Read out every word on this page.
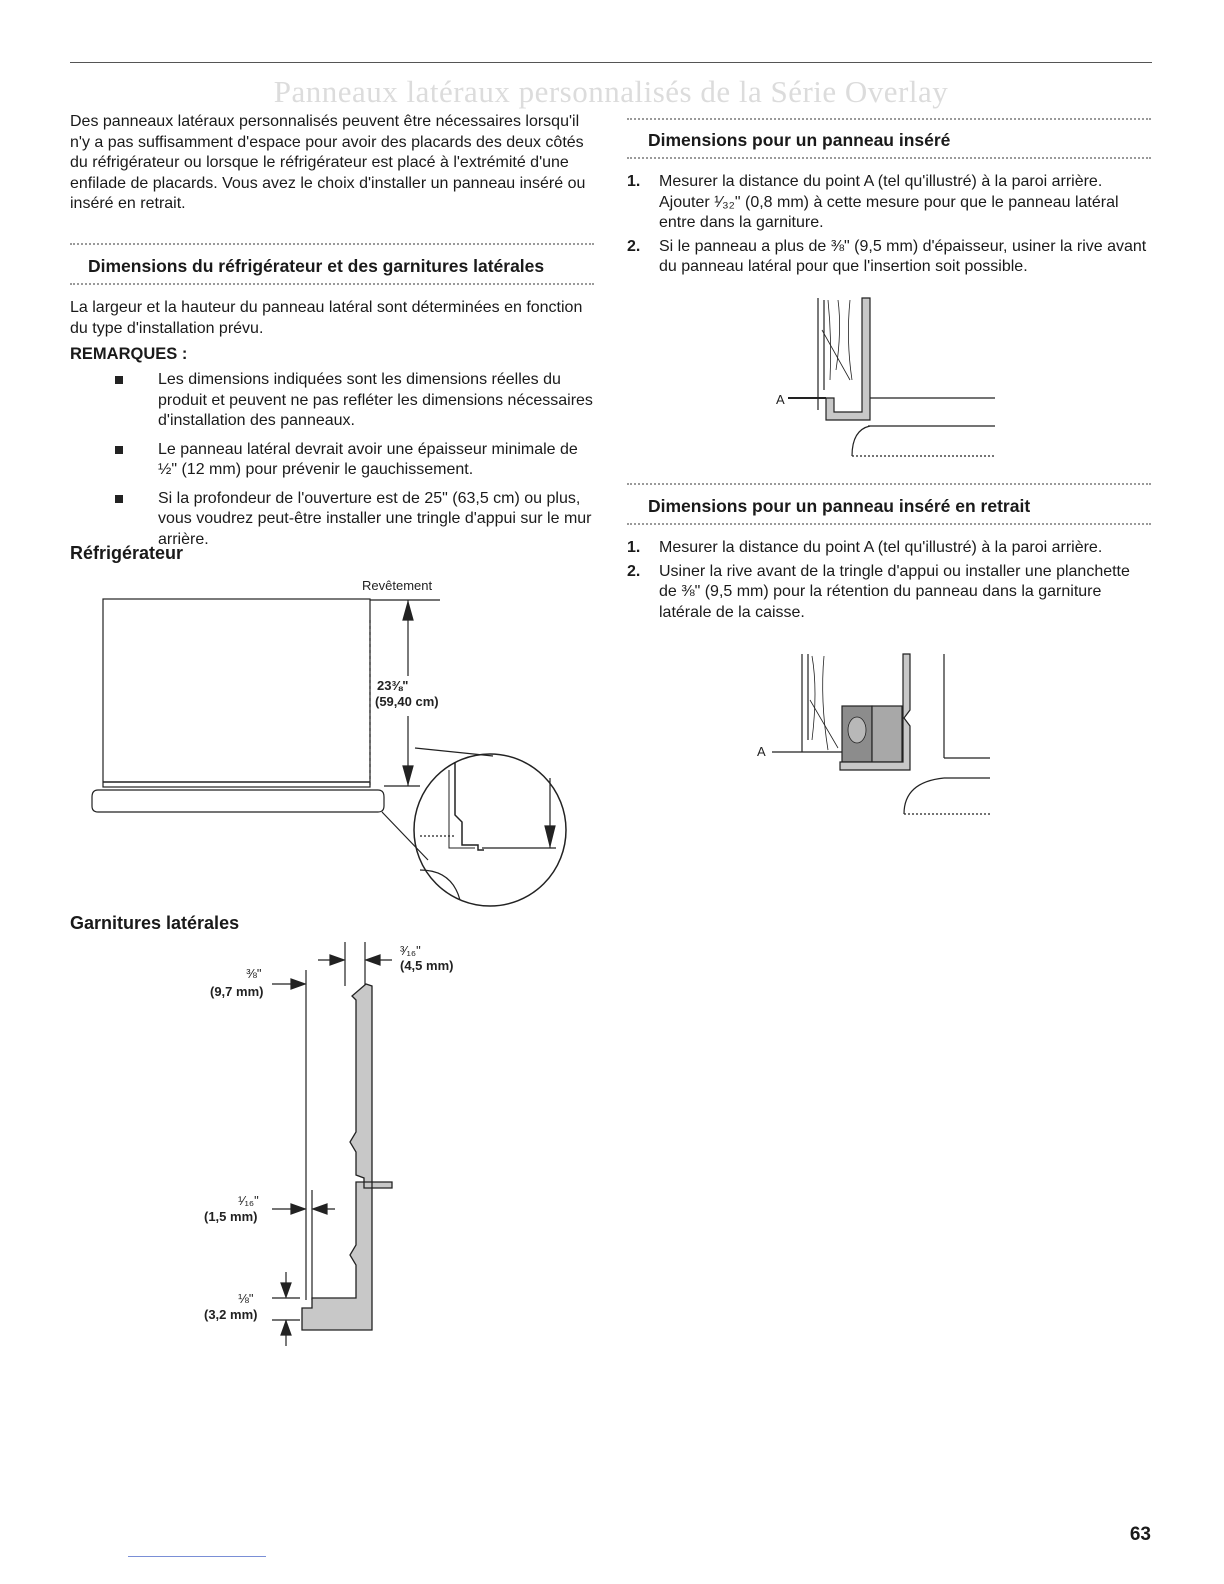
Panneaux latéraux personnalisés de la Série Overlay
Des panneaux latéraux personnalisés peuvent être nécessaires lorsqu'il n'y a pas suffisamment d'espace pour avoir des placards des deux côtés du réfrigérateur ou lorsque le réfrigérateur est placé à l'extrémité d'une enfilade de placards. Vous avez le choix d'installer un panneau inséré ou inséré en retrait.
Dimensions du réfrigérateur et des garnitures latérales
La largeur et la hauteur du panneau latéral sont déterminées en fonction du type d'installation prévu.
REMARQUES :
Les dimensions indiquées sont les dimensions réelles du produit et peuvent ne pas refléter les dimensions nécessaires d'installation des panneaux.
Le panneau latéral devrait avoir une épaisseur minimale de ½" (12 mm) pour prévenir le gauchissement.
Si la profondeur de l'ouverture est de 25" (63,5 cm) ou plus, vous voudrez peut-être installer une tringle d'appui sur le mur arrière.
Réfrigérateur
Revêtement
23⅜"
(59,40 cm)
Garnitures latérales
³⁄₁₆"
(4,5 mm)
⅜"
(9,7 mm)
¹⁄₁₆"
(1,5 mm)
⅛"
(3,2 mm)
Dimensions pour un panneau inséré
1. Mesurer la distance du point A (tel qu'illustré) à la paroi arrière. Ajouter ¹⁄₃₂" (0,8 mm) à cette mesure pour que le panneau latéral entre dans la garniture.
2. Si le panneau a plus de ⅜" (9,5 mm) d'épaisseur, usiner la rive avant du panneau latéral pour que l'insertion soit possible.
A
Dimensions pour un panneau inséré en retrait
1. Mesurer la distance du point A (tel qu'illustré) à la paroi arrière.
2. Usiner la rive avant de la tringle d'appui ou installer une planchette de ⅜" (9,5 mm) pour la rétention du panneau dans la garniture latérale de la caisse.
A
63
